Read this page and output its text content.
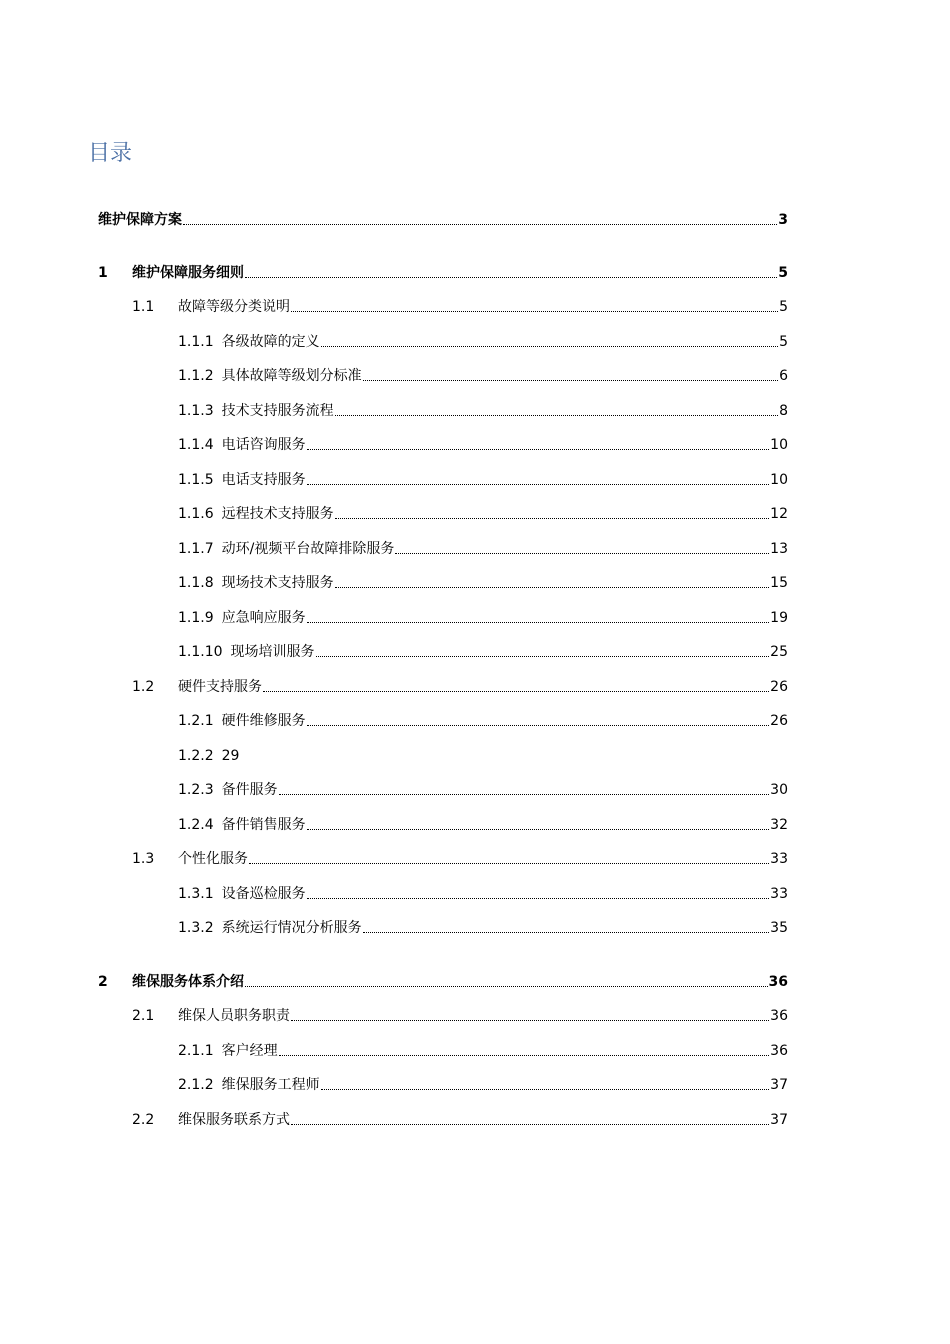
目录
维护保障方案	3
1	维护保障服务细则	5
1.1	故障等级分类说明	5
1.1.1 各级故障的定义	5
1.1.2 具体故障等级划分标准	6
1.1.3 技术支持服务流程	8
1.1.4 电话咨询服务	10
1.1.5 电话支持服务	10
1.1.6 远程技术支持服务	12
1.1.7 动环/视频平台故障排除服务	13
1.1.8 现场技术支持服务	15
1.1.9 应急响应服务	19
1.1.10 现场培训服务	25
1.2	硬件支持服务	26
1.2.1 硬件维修服务	26
1.2.2 29
1.2.3 备件服务	30
1.2.4 备件销售服务	32
1.3	个性化服务	33
1.3.1 设备巡检服务	33
1.3.2 系统运行情况分析服务	35
2	维保服务体系介绍	36
2.1	维保人员职务职责	36
2.1.1 客户经理	36
2.1.2 维保服务工程师	37
2.2	维保服务联系方式	37
